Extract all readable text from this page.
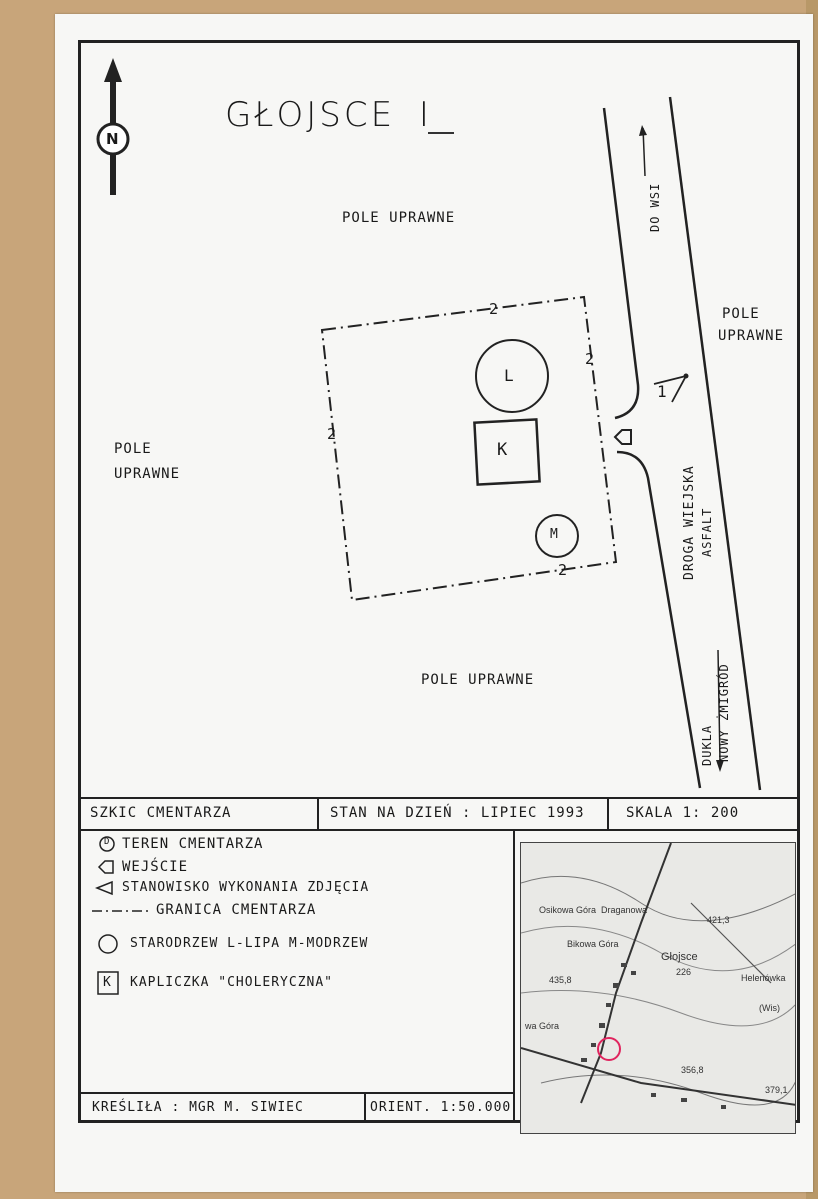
GŁOJSCE I
N
POLE UPRAWNE
POLE
UPRAWNE
POLE
UPRAWNE
POLE UPRAWNE
DO WSI
DROGA WIEJSKA ASFALT
DUKLA NOWY ŻMIGRÓD
L
K
M
2
2
2
2
1
SZKIC CMENTARZA	STAN NA DZIEŃ : LIPIEC 1993	SKALA 1: 200
D TEREN CMENTARZA
WEJŚCIE
STANOWISKO WYKONANIA ZDJĘCIA
GRANICA CMENTARZA
STARODRZEW L-LIPA M-MODRZEW
K KAPLICZKA "CHOLERYCZNA"
KREŚLIŁA : MGR M. SIWIEC	ORIENT. 1:50.000
Osikowa Góra Draganowa
Bikowa Góra
Głojsce
226
421,3
Helenówka
(Wis)
435,8
wa Góra
356,8
379,1
